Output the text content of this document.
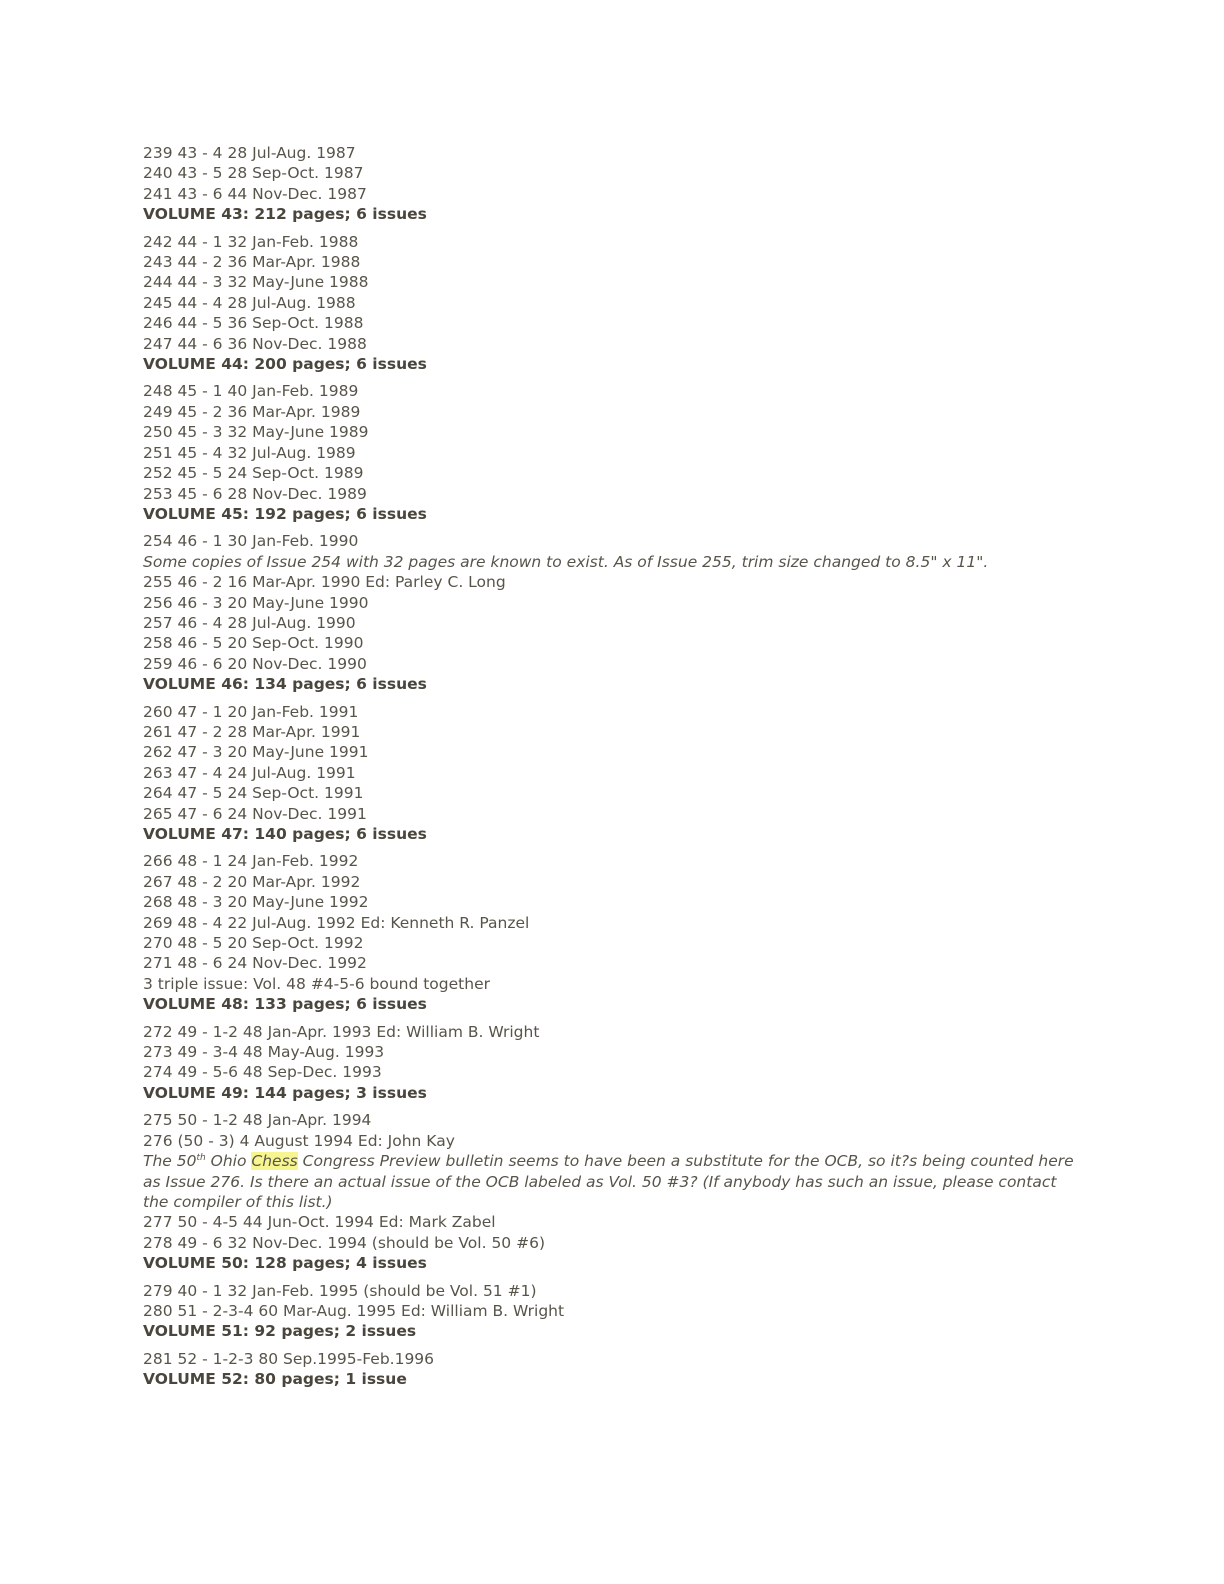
239 43 - 4 28 Jul-Aug. 1987
240 43 - 5 28 Sep-Oct. 1987
241 43 - 6 44 Nov-Dec. 1987
VOLUME 43: 212 pages; 6 issues
242 44 - 1 32 Jan-Feb. 1988
243 44 - 2 36 Mar-Apr. 1988
244 44 - 3 32 May-June 1988
245 44 - 4 28 Jul-Aug. 1988
246 44 - 5 36 Sep-Oct. 1988
247 44 - 6 36 Nov-Dec. 1988
VOLUME 44: 200 pages; 6 issues
248 45 - 1 40 Jan-Feb. 1989
249 45 - 2 36 Mar-Apr. 1989
250 45 - 3 32 May-June 1989
251 45 - 4 32 Jul-Aug. 1989
252 45 - 5 24 Sep-Oct. 1989
253 45 - 6 28 Nov-Dec. 1989
VOLUME 45: 192 pages; 6 issues
254 46 - 1 30 Jan-Feb. 1990
Some copies of Issue 254 with 32 pages are known to exist. As of Issue 255, trim size changed to 8.5" x 11".
255 46 - 2 16 Mar-Apr. 1990 Ed: Parley C. Long
256 46 - 3 20 May-June 1990
257 46 - 4 28 Jul-Aug. 1990
258 46 - 5 20 Sep-Oct. 1990
259 46 - 6 20 Nov-Dec. 1990
VOLUME 46: 134 pages; 6 issues
260 47 - 1 20 Jan-Feb. 1991
261 47 - 2 28 Mar-Apr. 1991
262 47 - 3 20 May-June 1991
263 47 - 4 24 Jul-Aug. 1991
264 47 - 5 24 Sep-Oct. 1991
265 47 - 6 24 Nov-Dec. 1991
VOLUME 47: 140 pages; 6 issues
266 48 - 1 24 Jan-Feb. 1992
267 48 - 2 20 Mar-Apr. 1992
268 48 - 3 20 May-June 1992
269 48 - 4 22 Jul-Aug. 1992 Ed: Kenneth R. Panzel
270 48 - 5 20 Sep-Oct. 1992
271 48 - 6 24 Nov-Dec. 1992
3 triple issue: Vol. 48 #4-5-6 bound together
VOLUME 48: 133 pages; 6 issues
272 49 - 1-2 48 Jan-Apr. 1993 Ed: William B. Wright
273 49 - 3-4 48 May-Aug. 1993
274 49 - 5-6 48 Sep-Dec. 1993
VOLUME 49: 144 pages; 3 issues
275 50 - 1-2 48 Jan-Apr. 1994
276 (50 - 3) 4 August 1994 Ed: John Kay
The 50th Ohio Chess Congress Preview bulletin seems to have been a substitute for the OCB, so it?s being counted here as Issue 276. Is there an actual issue of the OCB labeled as Vol. 50 #3? (If anybody has such an issue, please contact the compiler of this list.)
277 50 - 4-5 44 Jun-Oct. 1994 Ed: Mark Zabel
278 49 - 6 32 Nov-Dec. 1994 (should be Vol. 50 #6)
VOLUME 50: 128 pages; 4 issues
279 40 - 1 32 Jan-Feb. 1995 (should be Vol. 51 #1)
280 51 - 2-3-4 60 Mar-Aug. 1995 Ed: William B. Wright
VOLUME 51: 92 pages; 2 issues
281 52 - 1-2-3 80 Sep.1995-Feb.1996
VOLUME 52: 80 pages; 1 issue
